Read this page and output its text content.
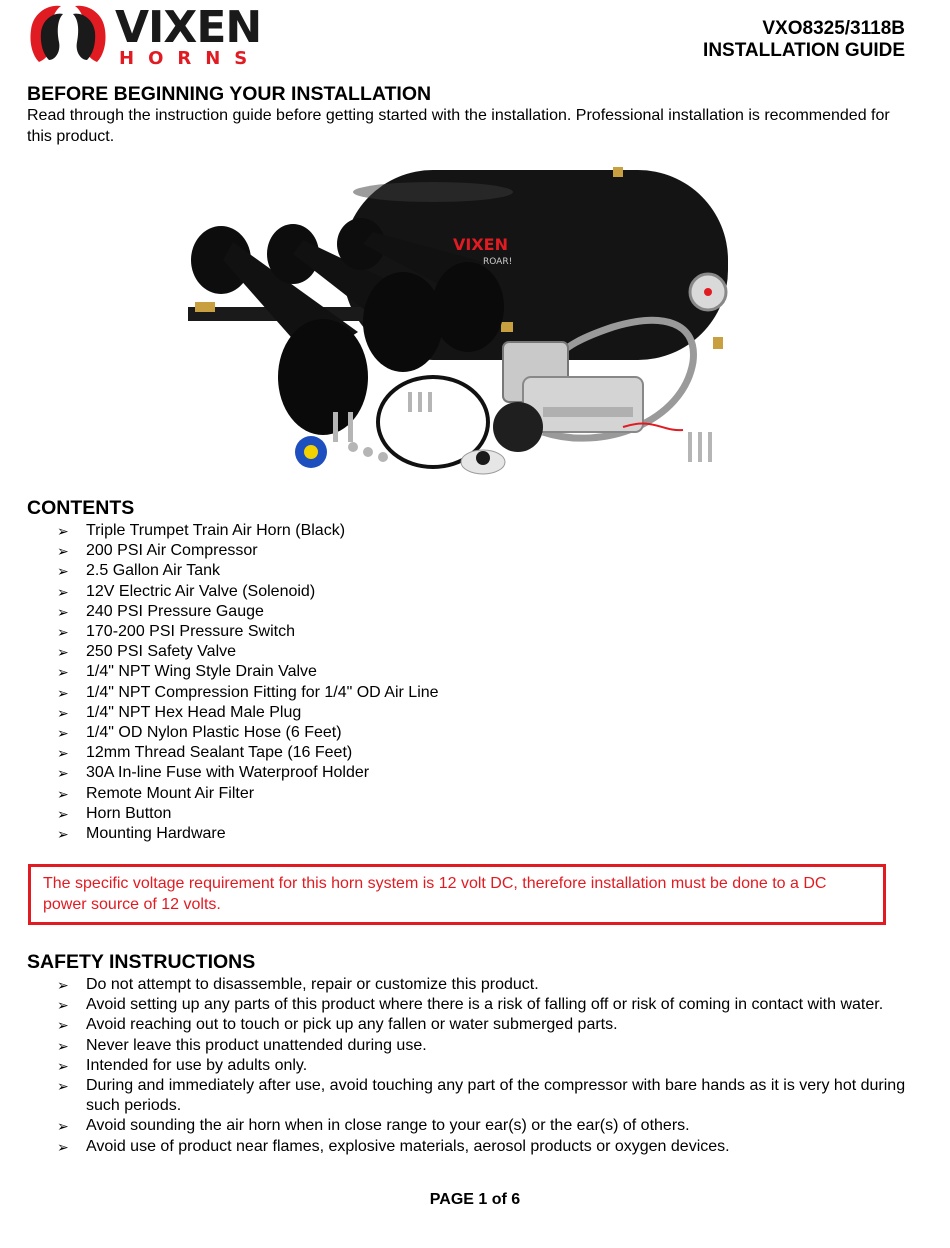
VIXEN
HORNS
VXO8325/3118B
INSTALLATION GUIDE
BEFORE BEGINNING YOUR INSTALLATION

Read through the instruction guide before getting started with the installation. Professional installation is recommended for this product.

VIXEN
ROAR!
CONTENTS
➢ Triple Trumpet Train Air Horn (Black)
➢ 200 PSI Air Compressor
➢ 2.5 Gallon Air Tank
➢ 12V Electric Air Valve (Solenoid)
➢ 240 PSI Pressure Gauge
➢ 170-200 PSI Pressure Switch
➢ 250 PSI Safety Valve
➢ 1/4" NPT Wing Style Drain Valve
➢ 1/4" NPT Compression Fitting for 1/4" OD Air Line
➢ 1/4" NPT Hex Head Male Plug
➢ 1/4" OD Nylon Plastic Hose (6 Feet)
➢ 12mm Thread Sealant Tape (16 Feet)
➢ 30A In-line Fuse with Waterproof Holder
➢ Remote Mount Air Filter
➢ Horn Button
➢ Mounting Hardware
The specific voltage requirement for this horn system is 12 volt DC, therefore installation must be done to a DC power source of 12 volts.
SAFETY INSTRUCTIONS
➢ Do not attempt to disassemble, repair or customize this product.
➢ Avoid setting up any parts of this product where there is a risk of falling off or risk of coming in contact with water.
➢ Avoid reaching out to touch or pick up any fallen or water submerged parts.
➢ Never leave this product unattended during use.
➢ Intended for use by adults only.
➢ During and immediately after use, avoid touching any part of the compressor with bare hands as it is very hot during such periods.
➢ Avoid sounding the air horn when in close range to your ear(s) or the ear(s) of others.
➢ Avoid use of product near flames, explosive materials, aerosol products or oxygen devices.
PAGE 1 of 6
